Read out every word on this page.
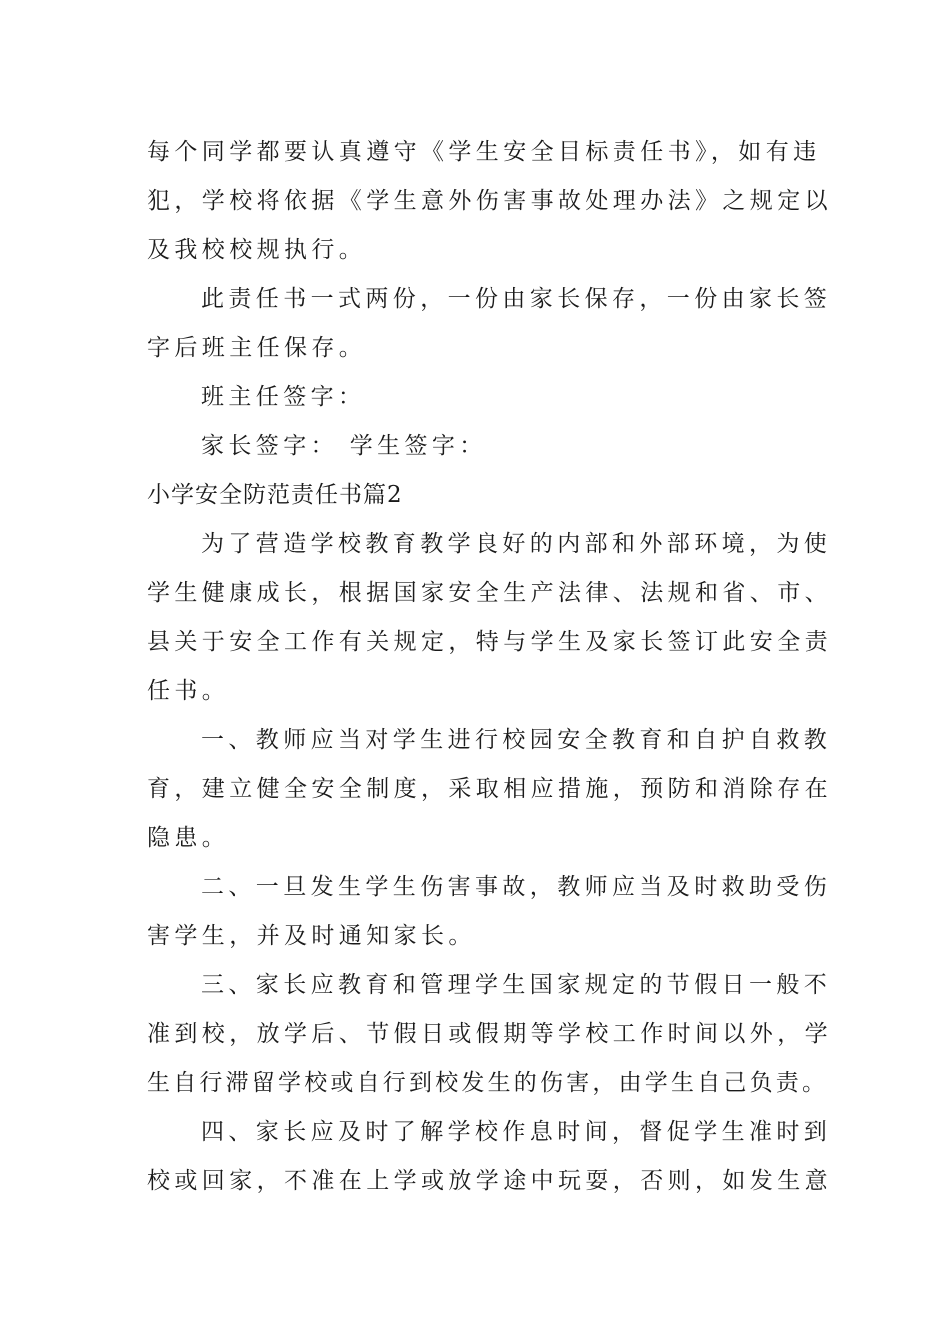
每个同学都要认真遵守《学生安全目标责任书》，如有违
犯，学校将依据《学生意外伤害事故处理办法》之规定以
及我校校规执行。
此责任书一式两份，一份由家长保存，一份由家长签
字后班主任保存。
班主任签字：
家长签字： 学生签字：
小学安全防范责任书篇2
为了营造学校教育教学良好的内部和外部环境，为使
学生健康成长，根据国家安全生产法律、法规和省、市、
县关于安全工作有关规定，特与学生及家长签订此安全责
任书。
一、教师应当对学生进行校园安全教育和自护自救教
育，建立健全安全制度，采取相应措施，预防和消除存在
隐患。
二、一旦发生学生伤害事故，教师应当及时救助受伤
害学生，并及时通知家长。
三、家长应教育和管理学生国家规定的节假日一般不
准到校，放学后、节假日或假期等学校工作时间以外，学
生自行滞留学校或自行到校发生的伤害，由学生自己负责。
四、家长应及时了解学校作息时间，督促学生准时到
校或回家，不准在上学或放学途中玩耍，否则，如发生意
